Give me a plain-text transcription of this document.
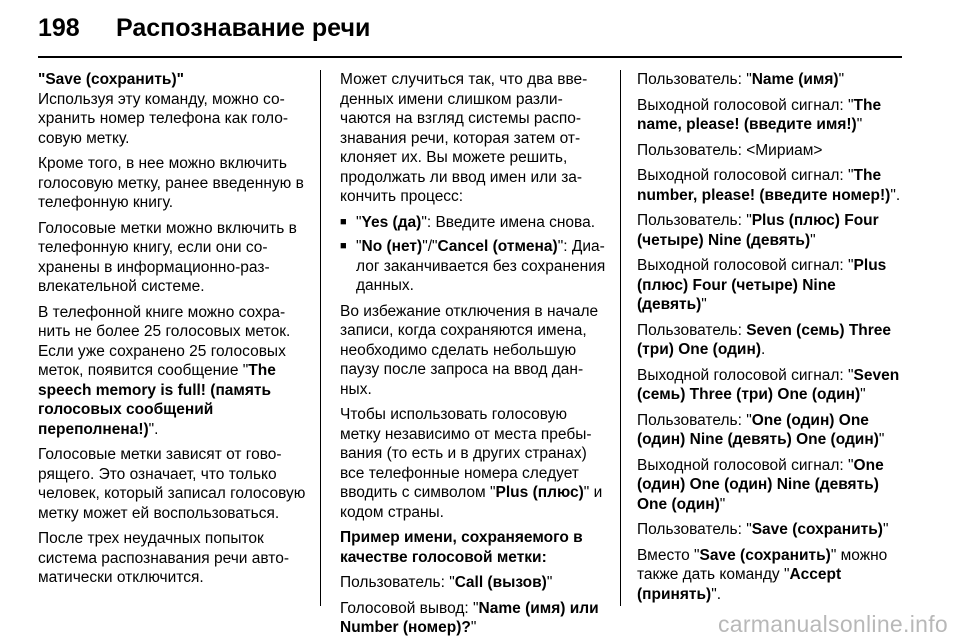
198	Распознавание речи

"Save (сохранить)"

Используя эту команду, можно сохранить номер телефона как голосовую метку.

Кроме того, в нее можно включить голосовую метку, ранее введенную в телефонную книгу.

Голосовые метки можно включить в телефонную книгу, если они сохранены в информационно-развлекательной системе.

В телефонной книге можно сохранить не более 25 голосовых меток. Если уже сохранено 25 голосовых меток, появится сообщение "The speech memory is full! (память голосовых сообщений переполнена!)".

Голосовые метки зависят от говорящего. Это означает, что только человек, который записал голосовую метку может ей воспользоваться.

После трех неудачных попыток система распознавания речи автоматически отключится.

Может случиться так, что два введенных имени слишком различаются на взгляд системы распознавания речи, которая затем отклоняет их. Вы можете решить, продолжать ли ввод имен или закончить процесс:

■ "Yes (да)": Введите имена снова.
■ "No (нет)"/"Cancel (отмена)": Диалог заканчивается без сохранения данных.

Во избежание отключения в начале записи, когда сохраняются имена, необходимо сделать небольшую паузу после запроса на ввод данных.

Чтобы использовать голосовую метку независимо от места пребывания (то есть и в других странах) все телефонные номера следует вводить с символом "Plus (плюс)" и кодом страны.

Пример имени, сохраняемого в качестве голосовой метки:

Пользователь: "Call (вызов)"

Голосовой вывод: "Name (имя) или Number (номер)?"

Пользователь: "Name (имя)"

Выходной голосовой сигнал: "The name, please! (введите имя!)"

Пользователь: <Мириам>

Выходной голосовой сигнал: "The number, please! (введите номер!)".

Пользователь: "Plus (плюс) Four (четыре) Nine (девять)"

Выходной голосовой сигнал: "Plus (плюс) Four (четыре) Nine (девять)"

Пользователь: Seven (семь) Three (три) One (один).

Выходной голосовой сигнал: "Seven (семь) Three (три) One (один)"

Пользователь: "One (один) One (один) Nine (девять) One (один)"

Выходной голосовой сигнал: "One (один) One (один) Nine (девять) One (один)"

Пользователь: "Save (сохранить)"

Вместо "Save (сохранить)" можно также дать команду "Accept (принять)".

carmanualsonline.info
